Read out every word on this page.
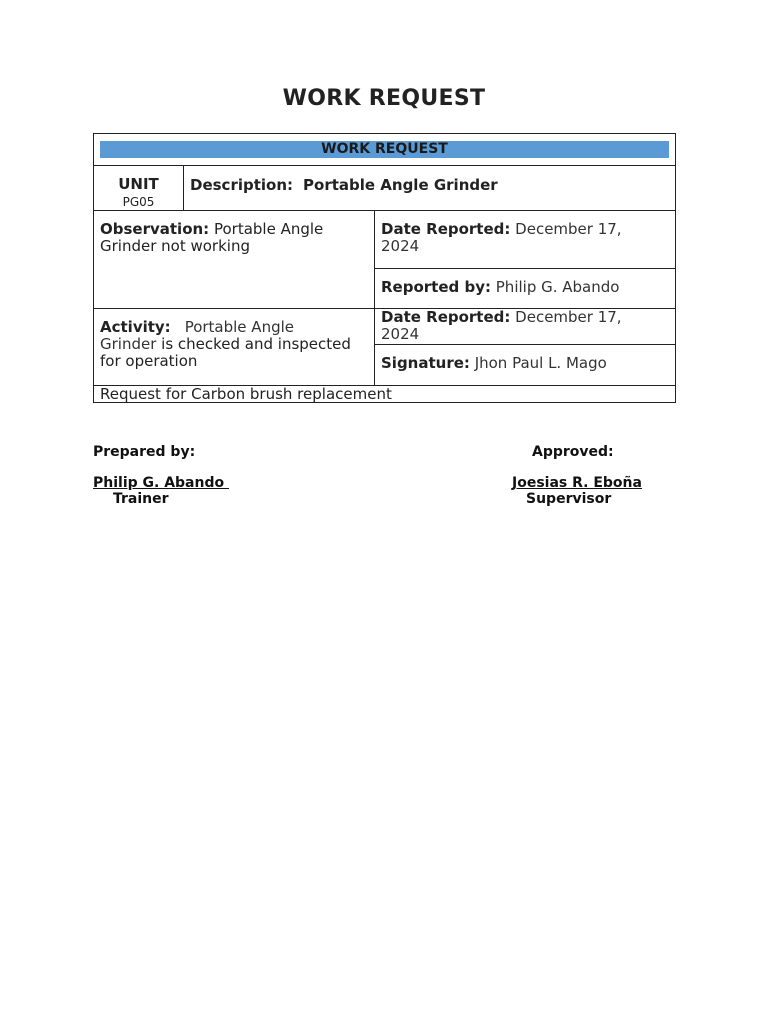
WORK REQUEST
WORK REQUEST		

UNIT
PG05	Description: Portable Angle Grinder	
Observation: Portable Angle
Grinder not working		Date Reported: December 17,
2024
		Reported by: Philip G. Abando
Activity: Portable Angle
Grinder is checked and inspected
for operation		Date Reported: December 17,
2024
		Signature: Jhon Paul L. Mago
Request for Carbon brush replacement		
Prepared by:
Philip G. Abando
Trainer
Approved:
Joesias R. Eboña
Supervisor
